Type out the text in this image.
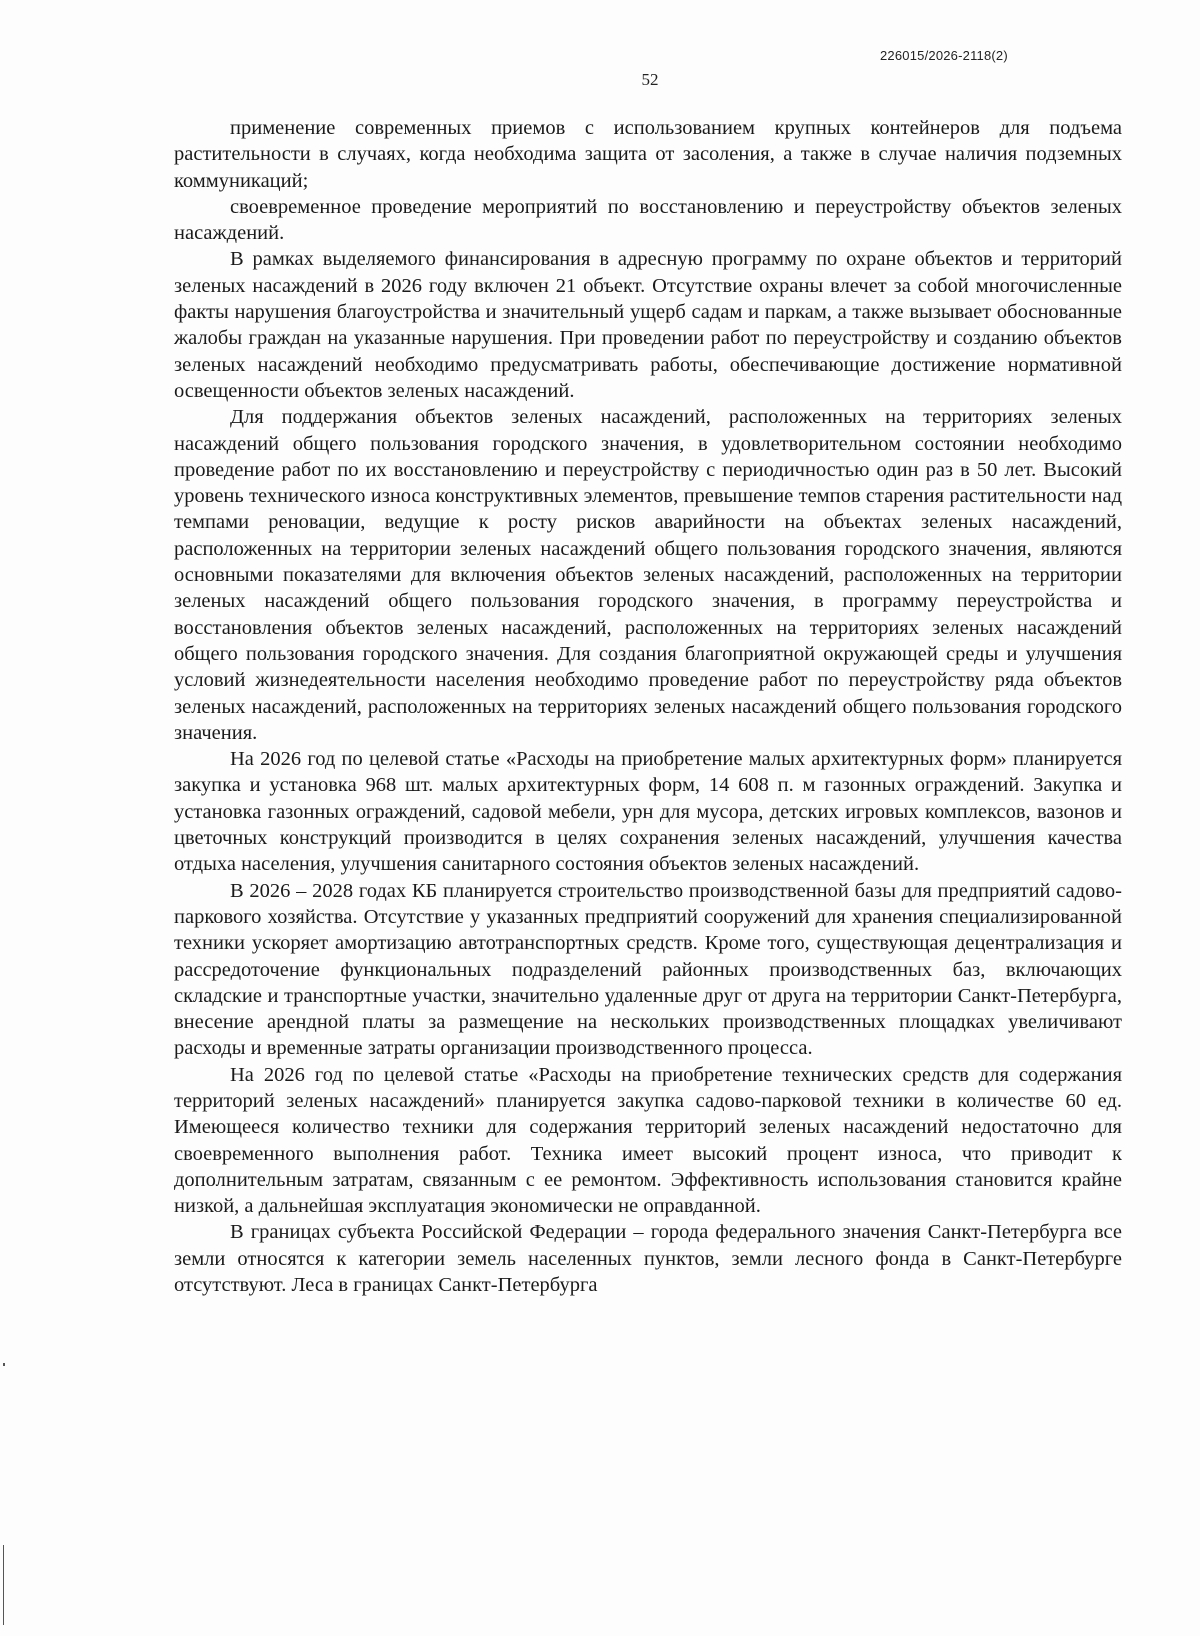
226015/2026-2118(2)
52

применение современных приемов с использованием крупных контейнеров для подъема растительности в случаях, когда необходима защита от засоления, а также в случае наличия подземных коммуникаций;

своевременное проведение мероприятий по восстановлению и переустройству объектов зеленых насаждений.

В рамках выделяемого финансирования в адресную программу по охране объектов и территорий зеленых насаждений в 2026 году включен 21 объект. Отсутствие охраны влечет за собой многочисленные факты нарушения благоустройства и значительный ущерб садам и паркам, а также вызывает обоснованные жалобы граждан на указанные нарушения. При проведении работ по переустройству и созданию объектов зеленых насаждений необходимо предусматривать работы, обеспечивающие достижение нормативной освещенности объектов зеленых насаждений.

Для поддержания объектов зеленых насаждений, расположенных на территориях зеленых насаждений общего пользования городского значения, в удовлетворительном состоянии необходимо проведение работ по их восстановлению и переустройству с периодичностью один раз в 50 лет. Высокий уровень технического износа конструктивных элементов, превышение темпов старения растительности над темпами реновации, ведущие к росту рисков аварийности на объектах зеленых насаждений, расположенных на территории зеленых насаждений общего пользования городского значения, являются основными показателями для включения объектов зеленых насаждений, расположенных на территории зеленых насаждений общего пользования городского значения, в программу переустройства и восстановления объектов зеленых насаждений, расположенных на территориях зеленых насаждений общего пользования городского значения. Для создания благоприятной окружающей среды и улучшения условий жизнедеятельности населения необходимо проведение работ по переустройству ряда объектов зеленых насаждений, расположенных на территориях зеленых насаждений общего пользования городского значения.

На 2026 год по целевой статье «Расходы на приобретение малых архитектурных форм» планируется закупка и установка 968 шт. малых архитектурных форм, 14 608 п. м газонных ограждений. Закупка и установка газонных ограждений, садовой мебели, урн для мусора, детских игровых комплексов, вазонов и цветочных конструкций производится в целях сохранения зеленых насаждений, улучшения качества отдыха населения, улучшения санитарного состояния объектов зеленых насаждений.

В 2026 – 2028 годах КБ планируется строительство производственной базы для предприятий садово-паркового хозяйства. Отсутствие у указанных предприятий сооружений для хранения специализированной техники ускоряет амортизацию автотранспортных средств. Кроме того, существующая децентрализация и рассредоточение функциональных подразделений районных производственных баз, включающих складские и транспортные участки, значительно удаленные друг от друга на территории Санкт-Петербурга, внесение арендной платы за размещение на нескольких производственных площадках увеличивают расходы и временные затраты организации производственного процесса.

На 2026 год по целевой статье «Расходы на приобретение технических средств для содержания территорий зеленых насаждений» планируется закупка садово-парковой техники в количестве 60 ед. Имеющееся количество техники для содержания территорий зеленых насаждений недостаточно для своевременного выполнения работ. Техника имеет высокий процент износа, что приводит к дополнительным затратам, связанным с ее ремонтом. Эффективность использования становится крайне низкой, а дальнейшая эксплуатация экономически не оправданной.

В границах субъекта Российской Федерации – города федерального значения Санкт-Петербурга все земли относятся к категории земель населенных пунктов, земли лесного фонда в Санкт-Петербурге отсутствуют. Леса в границах Санкт-Петербурга
